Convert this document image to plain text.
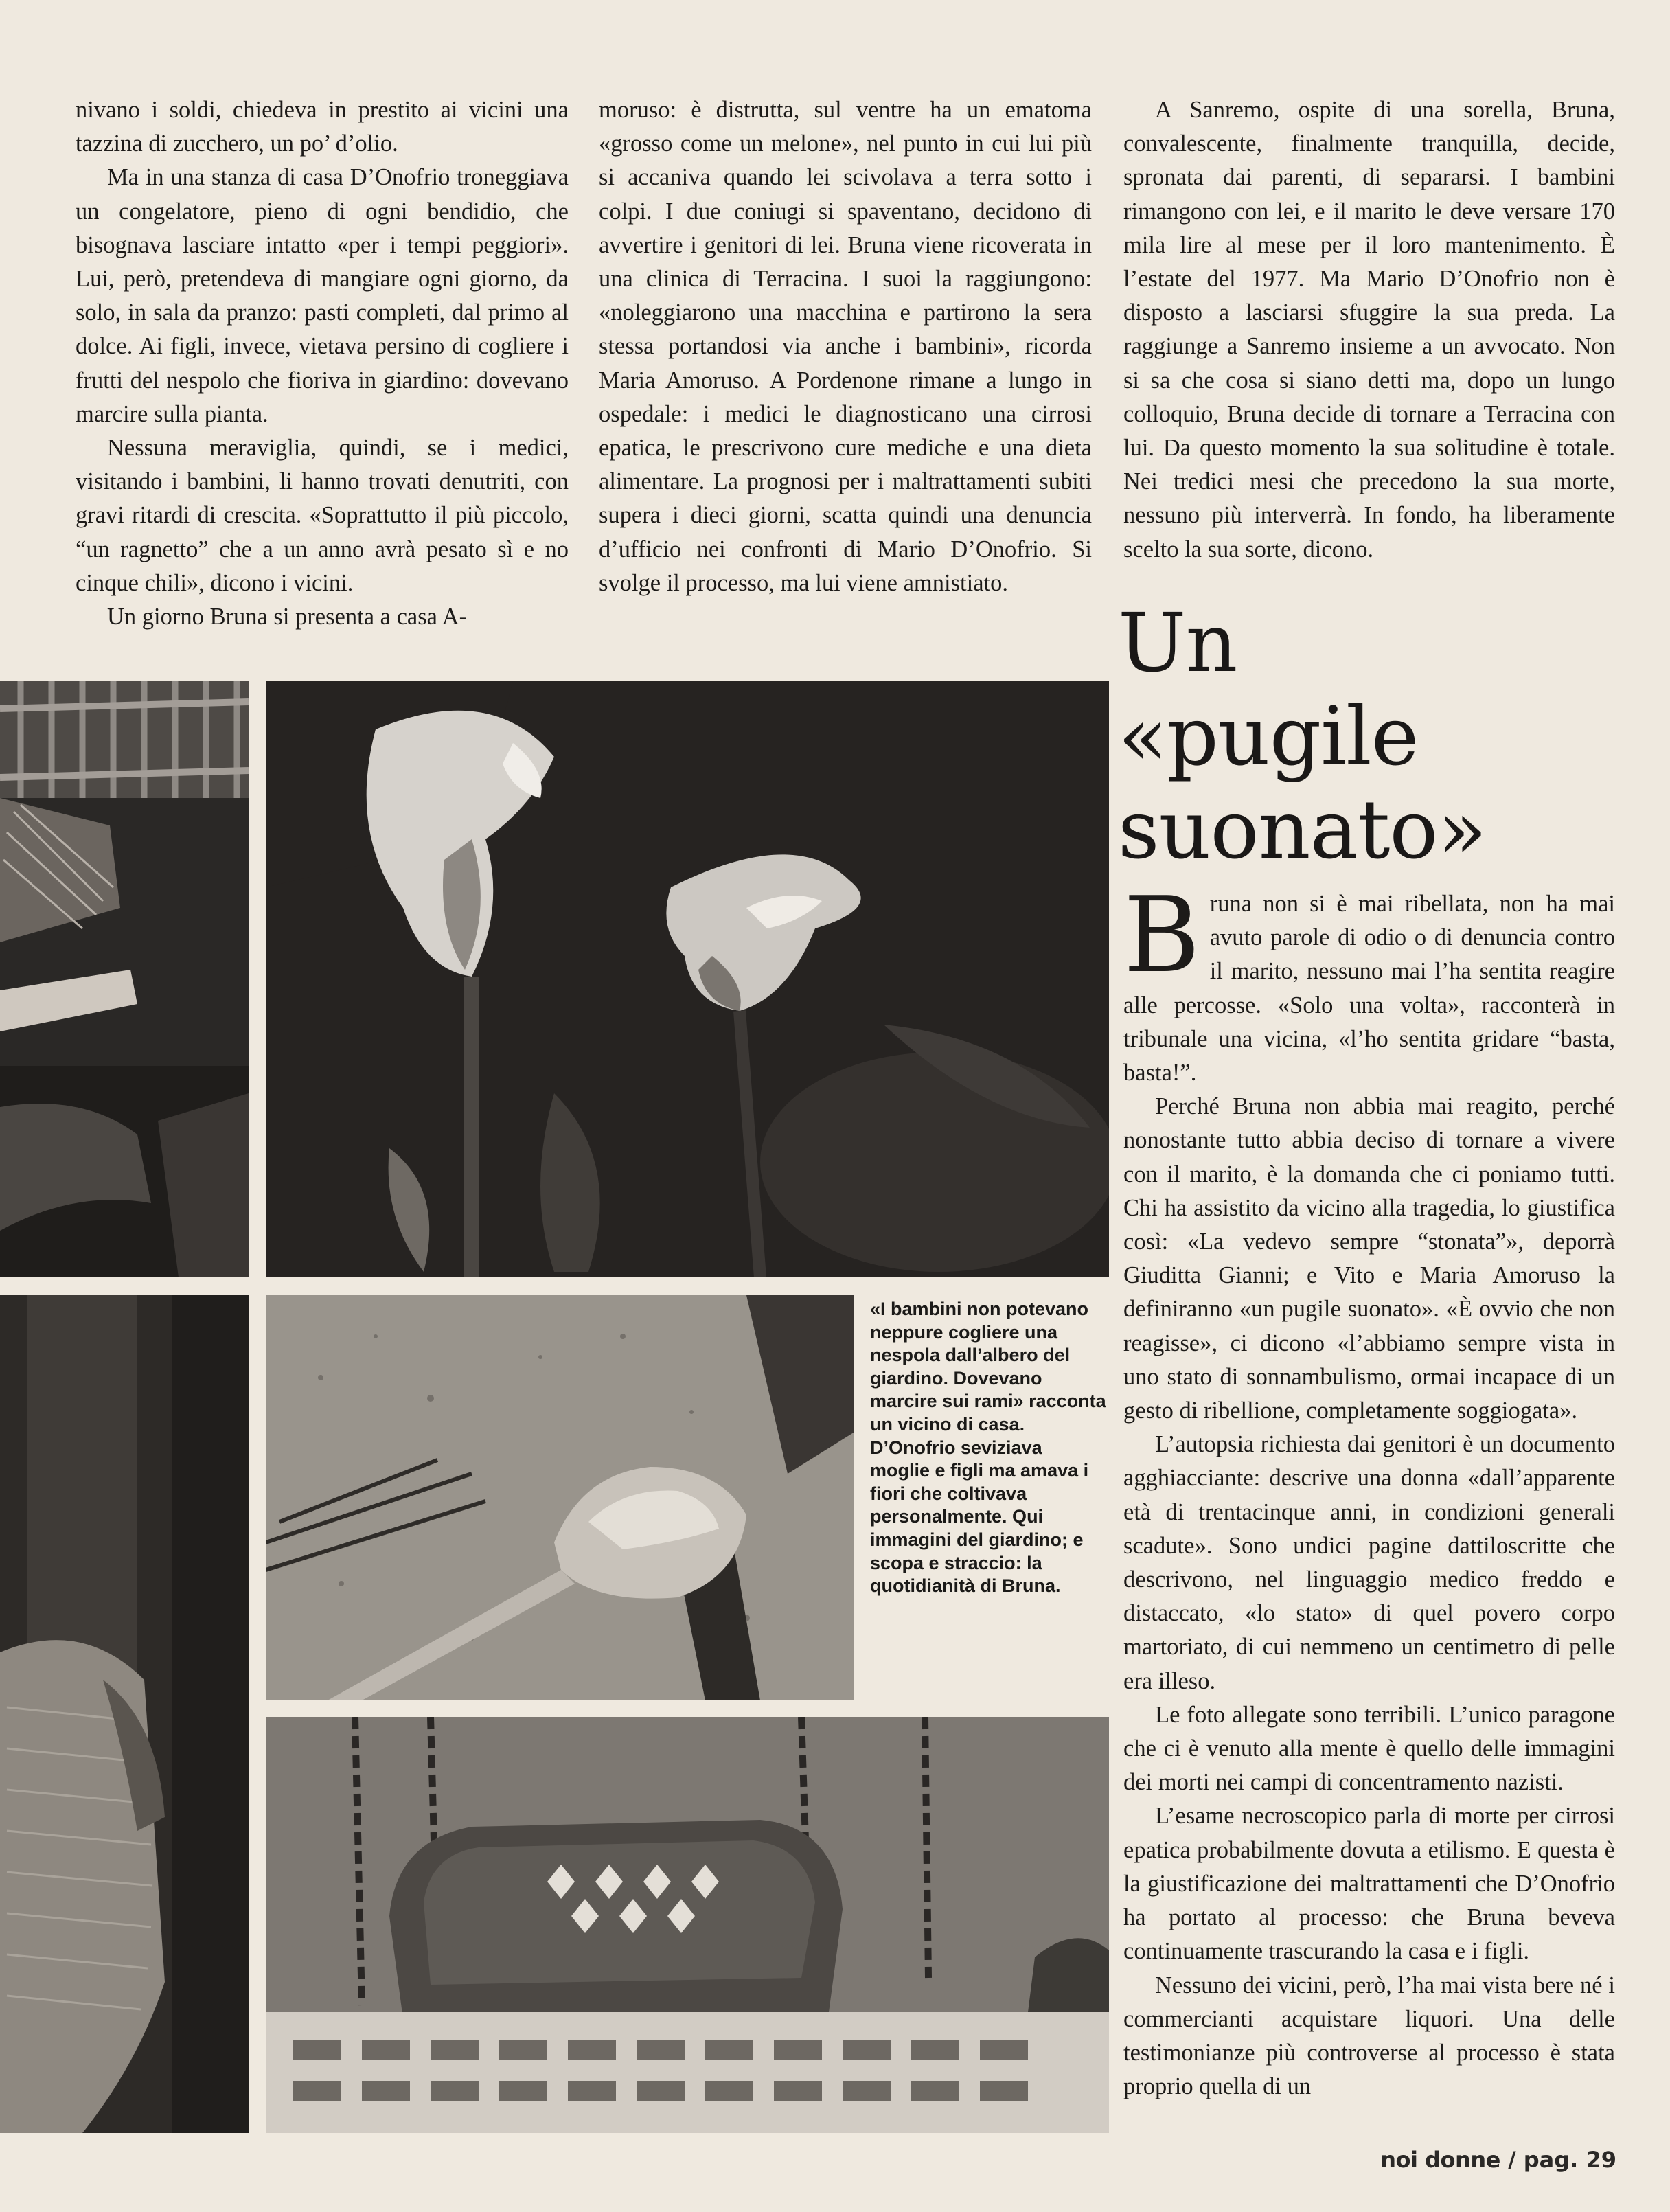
nivano i soldi, chiedeva in prestito ai vicini una tazzina di zucchero, un po’ d’olio.

Ma in una stanza di casa D’Onofrio troneggiava un congelatore, pieno di ogni bendidio, che bisognava lasciare intatto «per i tempi peggiori». Lui, però, pretendeva di mangiare ogni giorno, da solo, in sala da pranzo: pasti completi, dal primo al dolce. Ai figli, invece, vietava persino di cogliere i frutti del nespolo che fioriva in giardino: dovevano marcire sulla pianta.

Nessuna meraviglia, quindi, se i medici, visitando i bambini, li hanno trovati denutriti, con gravi ritardi di crescita. «Soprattutto il più piccolo, “un ragnetto” che a un anno avrà pesato sì e no cinque chili», dicono i vicini.

Un giorno Bruna si presenta a casa A-

moruso: è distrutta, sul ventre ha un ematoma «grosso come un melone», nel punto in cui lui più si accaniva quando lei scivolava a terra sotto i colpi. I due coniugi si spaventano, decidono di avvertire i genitori di lei. Bruna viene ricoverata in una clinica di Terracina. I suoi la raggiungono: «noleggiarono una macchina e partirono la sera stessa portandosi via anche i bambini», ricorda Maria Amoruso. A Pordenone rimane a lungo in ospedale: i medici le diagnosticano una cirrosi epatica, le prescrivono cure mediche e una dieta alimentare. La prognosi per i maltrattamenti subiti supera i dieci giorni, scatta quindi una denuncia d’ufficio nei confronti di Mario D’Onofrio. Si svolge il processo, ma lui viene amnistiato.

A Sanremo, ospite di una sorella, Bruna, convalescente, finalmente tranquilla, decide, spronata dai parenti, di separarsi. I bambini rimangono con lei, e il marito le deve versare 170 mila lire al mese per il loro mantenimento. È l’estate del 1977. Ma Mario D’Onofrio non è disposto a lasciarsi sfuggire la sua preda. La raggiunge a Sanremo insieme a un avvocato. Non si sa che cosa si siano detti ma, dopo un lungo colloquio, Bruna decide di tornare a Terracina con lui. Da questo momento la sua solitudine è totale. Nei tredici mesi che precedono la sua morte, nessuno più interverrà. In fondo, ha liberamente scelto la sua sorte, dicono.

Un
«pugile
suonato»

Bruna non si è mai ribellata, non ha mai avuto parole di odio o di denuncia contro il marito, nessuno mai l’ha sentita reagire alle percosse. «Solo una volta», racconterà in tribunale una vicina, «l’ho sentita gridare “basta, basta!”.

Perché Bruna non abbia mai reagito, perché nonostante tutto abbia deciso di tornare a vivere con il marito, è la domanda che ci poniamo tutti. Chi ha assistito da vicino alla tragedia, lo giustifica così: «La vedevo sempre “stonata”», deporrà Giuditta Gianni; e Vito e Maria Amoruso la definiranno «un pugile suonato». «È ovvio che non reagisse», ci dicono «l’abbiamo sempre vista in uno stato di sonnambulismo, ormai incapace di un gesto di ribellione, completamente soggiogata».

L’autopsia richiesta dai genitori è un documento agghiacciante: descrive una donna «dall’apparente età di trentacinque anni, in condizioni generali scadute». Sono undici pagine dattiloscritte che descrivono, nel linguaggio medico freddo e distaccato, «lo stato» di quel povero corpo martoriato, di cui nemmeno un centimetro di pelle era illeso.

Le foto allegate sono terribili. L’unico paragone che ci è venuto alla mente è quello delle immagini dei morti nei campi di concentramento nazisti.

L’esame necroscopico parla di morte per cirrosi epatica probabilmente dovuta a etilismo. E questa è la giustificazione dei maltrattamenti che D’Onofrio ha portato al processo: che Bruna beveva continuamente trascurando la casa e i figli.

Nessuno dei vicini, però, l’ha mai vista bere né i commercianti acquistare liquori. Una delle testimonianze più controverse al processo è stata proprio quella di un

«I bambini non potevano neppure cogliere una nespola dall’albero del giardino. Dovevano marcire sui rami» racconta un vicino di casa. D’Onofrio seviziava moglie e figli ma amava i fiori che coltivava personalmente. Qui immagini del giardino; e scopa e straccio: la quotidianità di Bruna.
noi donne / pag. 29
